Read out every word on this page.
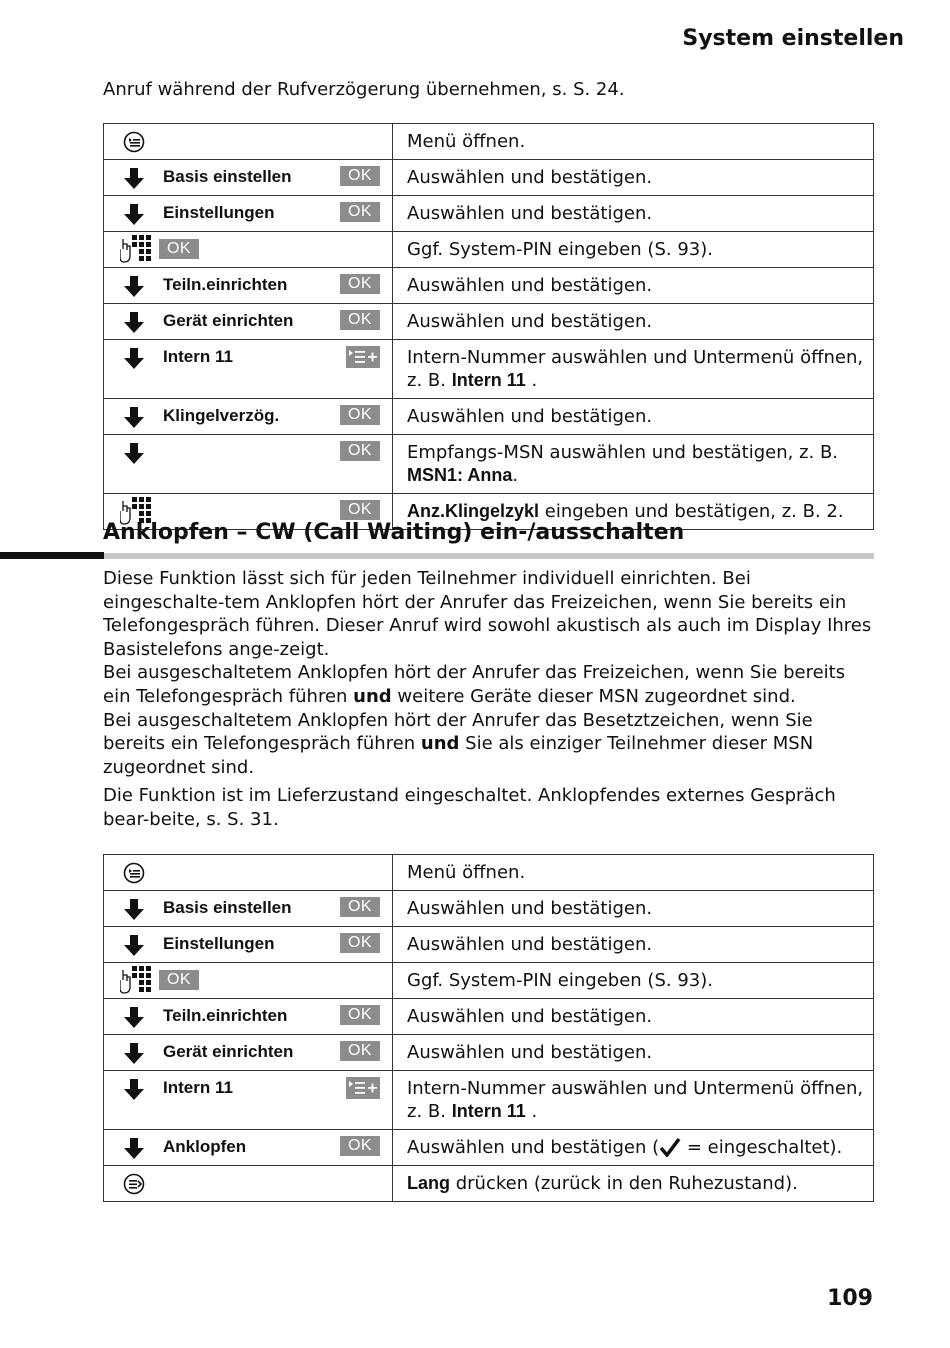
System einstellen
Anruf während der Rufverzögerung übernehmen, s. S. 24.
	Menü öffnen.

Basis einstellen OK	Auswählen und bestätigen.

Einstellungen OK	Auswählen und bestätigen.

OK	Ggf. System-PIN eingeben (S. 93).

Teiln.einrichten OK	Auswählen und bestätigen.

Gerät einrichten OK	Auswählen und bestätigen.

Intern 11	Intern-Nummer auswählen und Untermenü öffnen,
z. B. Intern 11 .

Klingelverzög. OK	Auswählen und bestätigen.

OK	Empfangs-MSN auswählen und bestätigen, z. B.
MSN1: Anna.

OK	Anz.Klingelzykl eingeben und bestätigen, z. B. 2.
Anklopfen – CW (Call Waiting) ein-/ausschalten

Diese Funktion lässt sich für jeden Teilnehmer individuell einrichten. Bei eingeschalte-tem Anklopfen hört der Anrufer das Freizeichen, wenn Sie bereits ein Telefongespräch führen. Dieser Anruf wird sowohl akustisch als auch im Display Ihres Basistelefons ange-zeigt.

Bei ausgeschaltetem Anklopfen hört der Anrufer das Freizeichen, wenn Sie bereits ein Telefongespräch führen und weitere Geräte dieser MSN zugeordnet sind.

Bei ausgeschaltetem Anklopfen hört der Anrufer das Besetztzeichen, wenn Sie bereits ein Telefongespräch führen und Sie als einziger Teilnehmer dieser MSN zugeordnet sind.

Die Funktion ist im Lieferzustand eingeschaltet. Anklopfendes externes Gespräch bear-beite, s. S. 31.

	Menü öffnen.

Basis einstellen OK	Auswählen und bestätigen.

Einstellungen OK	Auswählen und bestätigen.

OK	Ggf. System-PIN eingeben (S. 93).

Teiln.einrichten OK	Auswählen und bestätigen.

Gerät einrichten OK	Auswählen und bestätigen.

Intern 11	Intern-Nummer auswählen und Untermenü öffnen,
z. B. Intern 11 .

Anklopfen OK	Auswählen und bestätigen ( = eingeschaltet).

	Lang drücken (zurück in den Ruhezustand).
109
